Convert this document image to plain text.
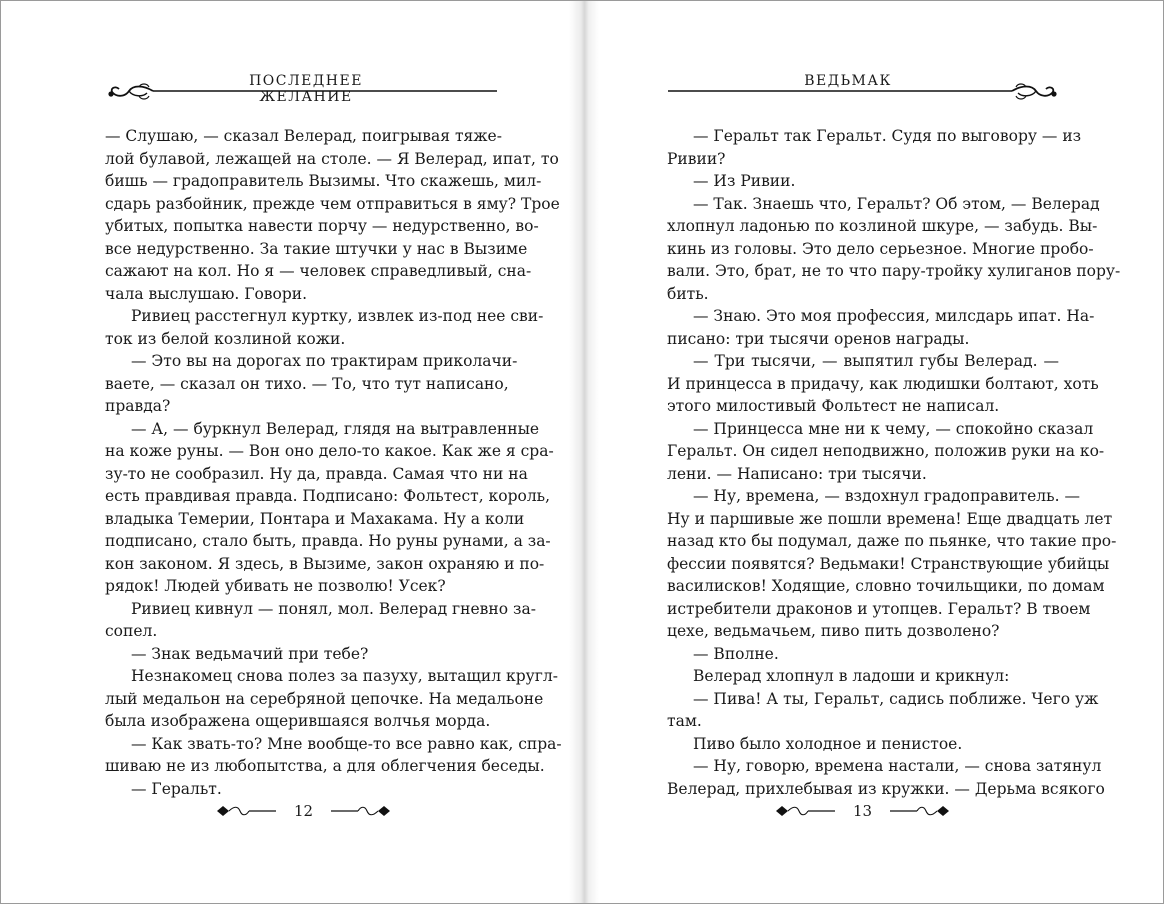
ПОСЛЕДНЕЕ ЖЕЛАНИЕ
— Слушаю, — сказал Велерад, поигрывая тяже-
лой булавой, лежащей на столе. — Я Велерад, ипат, то
бишь — градоправитель Вызимы. Что скажешь, мил-
сдарь разбойник, прежде чем отправиться в яму? Трое
убитых, попытка навести порчу — недурственно, во-
все недурственно. За такие штучки у нас в Вызиме
сажают на кол. Но я — человек справедливый, сна-
чала выслушаю. Говори.
Ривиец расстегнул куртку, извлек из-под нее сви-
ток из белой козлиной кожи.
— Это вы на дорогах по трактирам приколачи-
ваете, — сказал он тихо. — То, что тут написано,
правда?
— А, — буркнул Велерад, глядя на вытравленные
на коже руны. — Вон оно дело-то какое. Как же я сра-
зу-то не сообразил. Ну да, правда. Самая что ни на
есть правдивая правда. Подписано: Фольтест, король,
владыка Темерии, Понтара и Махакама. Ну а коли
подписано, стало быть, правда. Но руны рунами, а за-
кон законом. Я здесь, в Вызиме, закон охраняю и по-
рядок! Людей убивать не позволю! Усек?
Ривиец кивнул — понял, мол. Велерад гневно за-
сопел.
— Знак ведьмачий при тебе?
Незнакомец снова полез за пазуху, вытащил кругл-
лый медальон на серебряной цепочке. На медальоне
была изображена ощерившаяся волчья морда.
— Как звать-то? Мне вообще-то все равно как, спра-
шиваю не из любопытства, а для облегчения беседы.
— Геральт.
12
ВЕДЬМАК
— Геральт так Геральт. Судя по выговору — из
Ривии?
— Из Ривии.
— Так. Знаешь что, Геральт? Об этом, — Велерад
хлопнул ладонью по козлиной шкуре, — забудь. Вы-
кинь из головы. Это дело серьезное. Многие пробо-
вали. Это, брат, не то что пару-тройку хулиганов пору-
бить.
— Знаю. Это моя профессия, милсдарь ипат. На-
писано: три тысячи оренов награды.
— Три тысячи, — выпятил губы Велерад. —
И принцесса в придачу, как людишки болтают, хоть
этого милостивый Фольтест не написал.
— Принцесса мне ни к чему, — спокойно сказал
Геральт. Он сидел неподвижно, положив руки на ко-
лени. — Написано: три тысячи.
— Ну, времена, — вздохнул градоправитель. —
Ну и паршивые же пошли времена! Еще двадцать лет
назад кто бы подумал, даже по пьянке, что такие про-
фессии появятся? Ведьмаки! Странствующие убийцы
василисков! Ходящие, словно точильщики, по домам
истребители драконов и утопцев. Геральт? В твоем
цехе, ведьмачьем, пиво пить дозволено?
— Вполне.
Велерад хлопнул в ладоши и крикнул:
— Пива! А ты, Геральт, садись поближе. Чего уж
там.
Пиво было холодное и пенистое.
— Ну, говорю, времена настали, — снова затянул
Велерад, прихлебывая из кружки. — Дерьма всякого
13
